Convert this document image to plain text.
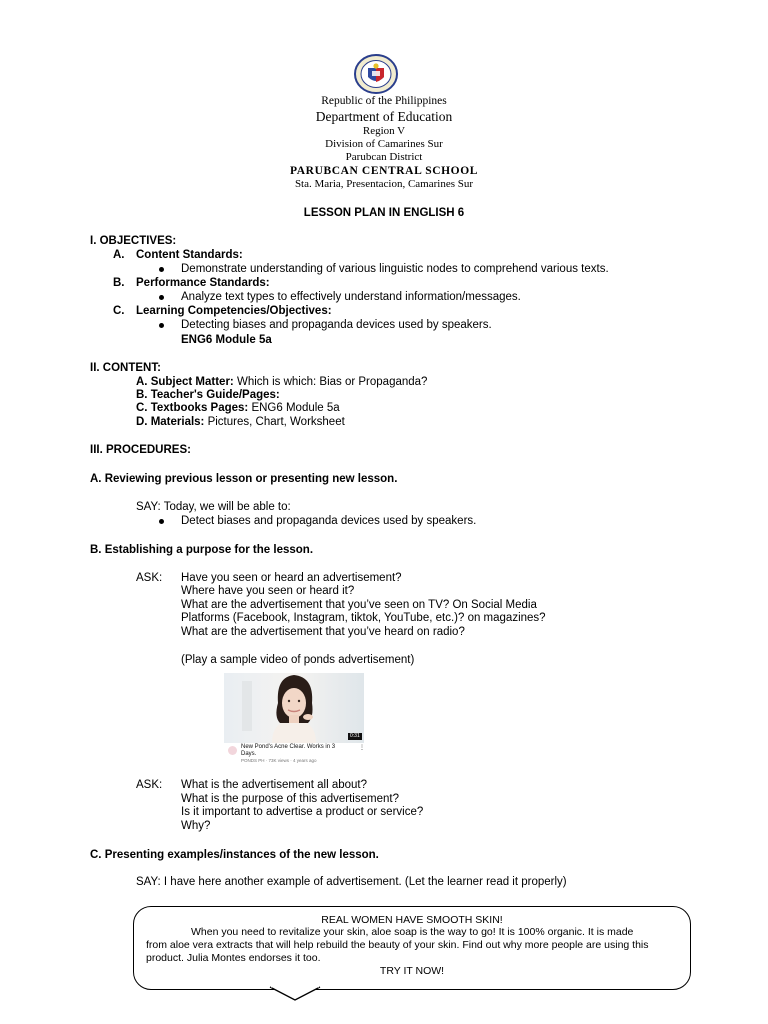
Republic of the Philippines
Department of Education
Region V
Division of Camarines Sur
Parubcan District
PARUBCAN CENTRAL SCHOOL
Sta. Maria, Presentacion, Camarines Sur
LESSON PLAN IN ENGLISH 6
I. OBJECTIVES:
A. Content Standards:
Demonstrate understanding of various linguistic nodes to comprehend various texts.
B. Performance Standards:
Analyze text types to effectively understand information/messages.
C. Learning Competencies/Objectives:
Detecting biases and propaganda devices used by speakers.
ENG6 Module 5a
II. CONTENT:
A. Subject Matter: Which is which: Bias or Propaganda?
B. Teacher's Guide/Pages:
C. Textbooks Pages: ENG6 Module 5a
D. Materials: Pictures, Chart, Worksheet
III. PROCEDURES:
A. Reviewing previous lesson or presenting new lesson.
SAY: Today, we will be able to:
Detect biases and propaganda devices used by speakers.
B. Establishing a purpose for the lesson.
ASK: Have you seen or heard an advertisement?
Where have you seen or heard it?
What are the advertisement that you’ve seen on TV? On Social Media
Platforms (Facebook, Instagram, tiktok, YouTube, etc.)? on magazines?
What are the advertisement that you’ve heard on radio?
(Play a sample video of ponds advertisement)
0:31
New Pond's Acne Clear. Works in 3
Days.
PONDS PH · 73K views · 4 years ago
⋮
ASK: What is the advertisement all about?
What is the purpose of this advertisement?
Is it important to advertise a product or service?
Why?
C. Presenting examples/instances of the new lesson.
SAY: I have here another example of advertisement. (Let the learner read it properly)
REAL WOMEN HAVE SMOOTH SKIN!
When you need to revitalize your skin, aloe soap is the way to go! It is 100% organic. It is made
from aloe vera extracts that will help rebuild the beauty of your skin. Find out why more people are using this
product. Julia Montes endorses it too.
TRY IT NOW!
